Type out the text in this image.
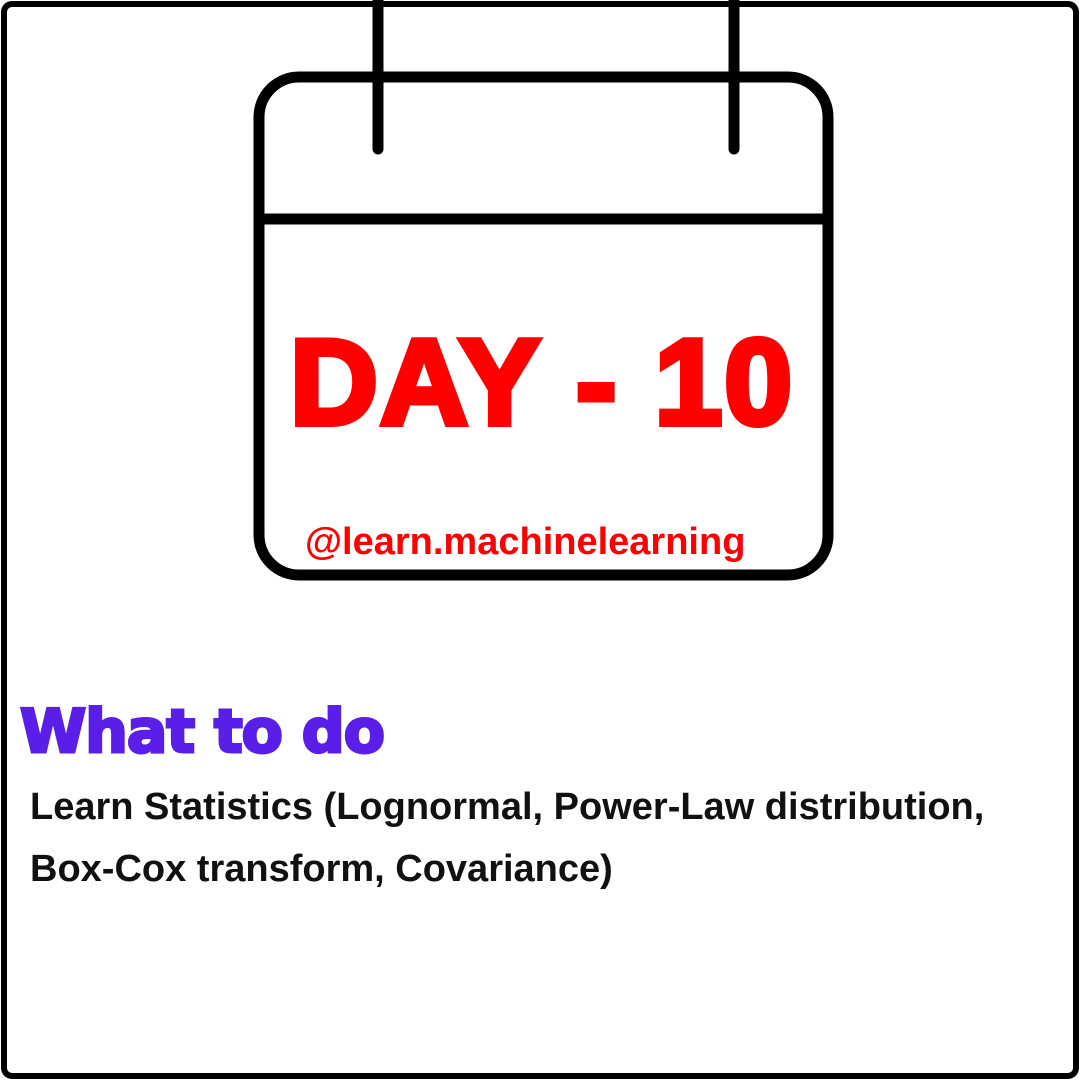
DAY - 10
@learn.machinelearning
What to do
Learn Statistics (Lognormal, Power-Law distribution, Box-Cox transform, Covariance)
